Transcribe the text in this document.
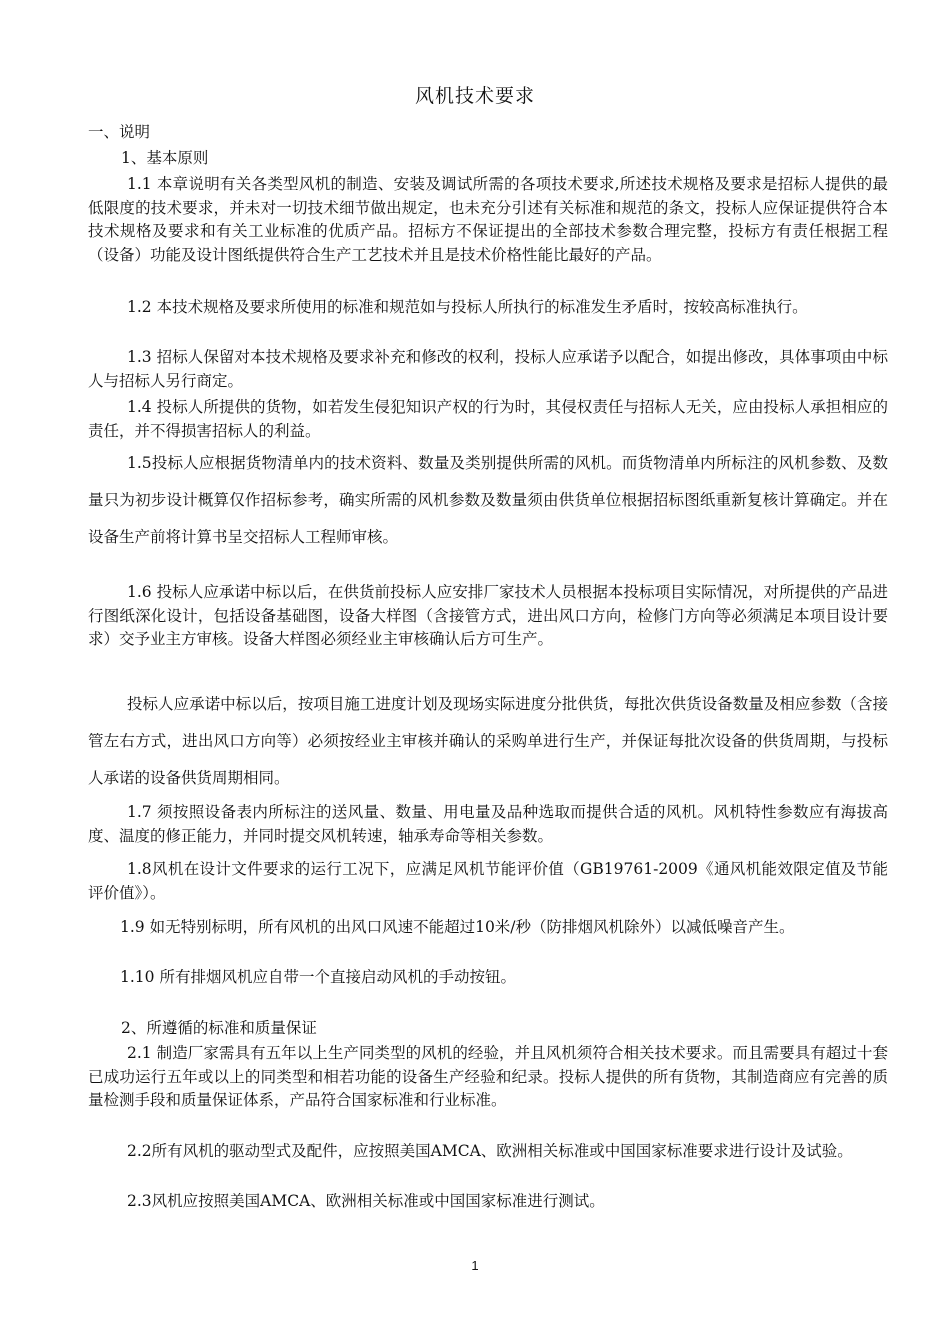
风机技术要求
一、说明
1、基本原则
1.1 本章说明有关各类型风机的制造、安装及调试所需的各项技术要求,所述技术规格及要求是招标人提供的最低限度的技术要求，并未对一切技术细节做出规定，也未充分引述有关标准和规范的条文，投标人应保证提供符合本技术规格及要求和有关工业标准的优质产品。招标方不保证提出的全部技术参数合理完整，投标方有责任根据工程（设备）功能及设计图纸提供符合生产工艺技术并且是技术价格性能比最好的产品。
1.2 本技术规格及要求所使用的标准和规范如与投标人所执行的标准发生矛盾时，按较高标准执行。
1.3 招标人保留对本技术规格及要求补充和修改的权利，投标人应承诺予以配合，如提出修改，具体事项由中标人与招标人另行商定。
1.4 投标人所提供的货物，如若发生侵犯知识产权的行为时，其侵权责任与招标人无关，应由投标人承担相应的责任，并不得损害招标人的利益。
1.5投标人应根据货物清单内的技术资料、数量及类别提供所需的风机。而货物清单内所标注的风机参数、及数量只为初步设计概算仅作招标参考，确实所需的风机参数及数量须由供货单位根据招标图纸重新复核计算确定。并在设备生产前将计算书呈交招标人工程师审核。
1.6 投标人应承诺中标以后，在供货前投标人应安排厂家技术人员根据本投标项目实际情况，对所提供的产品进行图纸深化设计，包括设备基础图，设备大样图（含接管方式，进出风口方向，检修门方向等必须满足本项目设计要求）交予业主方审核。设备大样图必须经业主审核确认后方可生产。
投标人应承诺中标以后，按项目施工进度计划及现场实际进度分批供货，每批次供货设备数量及相应参数（含接管左右方式，进出风口方向等）必须按经业主审核并确认的采购单进行生产，并保证每批次设备的供货周期，与投标人承诺的设备供货周期相同。
1.7 须按照设备表内所标注的送风量、数量、用电量及品种选取而提供合适的风机。风机特性参数应有海拔高度、温度的修正能力，并同时提交风机转速，轴承寿命等相关参数。
1.8风机在设计文件要求的运行工况下，应满足风机节能评价值（GB19761-2009《通风机能效限定值及节能评价值》）。
1.9 如无特别标明，所有风机的出风口风速不能超过10米/秒（防排烟风机除外）以减低噪音产生。
1.10 所有排烟风机应自带一个直接启动风机的手动按钮。
2、所遵循的标准和质量保证
2.1 制造厂家需具有五年以上生产同类型的风机的经验，并且风机须符合相关技术要求。而且需要具有超过十套已成功运行五年或以上的同类型和相若功能的设备生产经验和纪录。投标人提供的所有货物，其制造商应有完善的质量检测手段和质量保证体系，产品符合国家标准和行业标准。
2.2所有风机的驱动型式及配件，应按照美国AMCA、欧洲相关标准或中国国家标准要求进行设计及试验。
2.3风机应按照美国AMCA、欧洲相关标准或中国国家标准进行测试。
1
